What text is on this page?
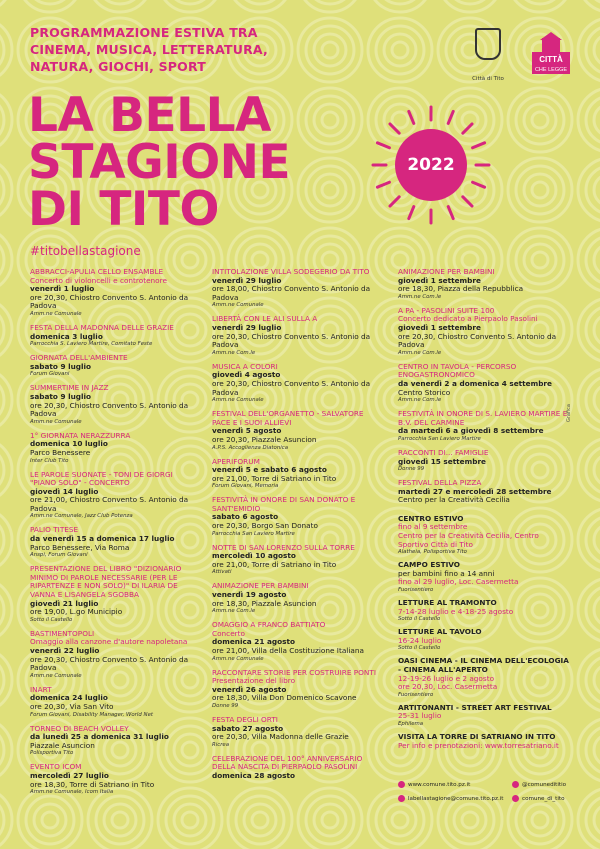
PROGRAMMAZIONE ESTIVA TRA
CINEMA, MUSICA, LETTERATURA,
NATURA, GIOCHI, SPORT
Città di Tito
CITTÀ
CHE LEGGE
LA BELLA
STAGIONE
DI TITO
2022
#titobellastagione
ABBRACCI-APULIA CELLO ENSAMBLE
Concerto di violoncelli e controtenore
venerdì 1 luglio
ore 20,30, Chiostro Convento S. Antonio da Padova
Amm.ne Comunale
FESTA DELLA MADONNA DELLE GRAZIE
domenica 3 luglio
Parrocchia S. Laviero Martire, Comitato Feste
GIORNATA DELL'AMBIENTE
sabato 9 luglio
Forum Giovani
SUMMERTIME IN JAZZ
sabato 9 luglio
ore 20,30, Chiostro Convento S. Antonio da Padova
Amm.ne Comunale
1° GIORNATA NERAZZURRA
domenica 10 luglio
Parco Benessere
Inter Club Tito
LE PAROLE SUONATE - TONI DE GIORGI "PIANO SOLO" - CONCERTO
giovedì 14 luglio
ore 21,00, Chiostro Convento S. Antonio da Padova
Amm.ne Comunale, Jazz Club Potenza
PALIO TITESE
da venerdì 15 a domenica 17 luglio
Parco Benessere, Via Roma
Anspi, Forum Giovani
PRESENTAZIONE DEL LIBRO "DIZIONARIO MINIMO DI PAROLE NECESSARIE (PER LE RIPARTENZE E NON SOLO)" DI ILARIA DE VANNA E LISANGELA SGOBBA
giovedì 21 luglio
ore 19,00, L.go Municipio
Sotto il Castello
BASTIMENTOPOLI
Omaggio alla canzone d'autore napoletana
venerdì 22 luglio
ore 20,30, Chiostro Convento S. Antonio da Padova
Amm.ne Comunale
INART
domenica 24 luglio
ore 20,30, Via San Vito
Forum Giovani, Disability Manager, World Net
TORNEO DI BEACH VOLLEY
da lunedì 25 a domenica 31 luglio
Piazzale Asuncion
Polisportiva Tito
EVENTO ICOM
mercoledì 27 luglio
ore 18,30, Torre di Satriano in Tito
Amm.ne Comunale, Icom Italia
INTITOLAZIONE VILLA SODEGERIO DA TITO
venerdì 29 luglio
ore 18,00, Chiostro Convento S. Antonio da Padova
Amm.ne Comunale
LIBERTÀ CON LE ALI SULLA A
venerdì 29 luglio
ore 20,30, Chiostro Convento S. Antonio da Padova
Amm.ne Com.le
MUSICA A COLORI
giovedì 4 agosto
ore 20,30, Chiostro Convento S. Antonio da Padova
Amm.ne Comunale
FESTIVAL DELL'ORGANETTO - SALVATORE PACE E I SUOI ALLIEVI
venerdì 5 agosto
ore 20,30, Piazzale Asuncion
A.P.S. Accoglienza Diatonica
APERIFORUM
venerdì 5 e sabato 6 agosto
ore 21,00, Torre di Satriano in Tito
Forum Giovani, Memoria
FESTIVITÀ IN ONORE DI SAN DONATO E SANT'EMIDIO
sabato 6 agosto
ore 20,30, Borgo San Donato
Parrocchia San Laviero Martire
NOTTE DI SAN LORENZO SULLA TORRE
mercoledì 10 agosto
ore 21,00, Torre di Satriano in Tito
Attivati
ANIMAZIONE PER BAMBINI
venerdì 19 agosto
ore 18,30, Piazzale Asuncion
Amm.ne Com.le
OMAGGIO A FRANCO BATTIATO
Concerto
domenica 21 agosto
ore 21,00, Villa della Costituzione Italiana
Amm.ne Comunale
RACCONTARE STORIE PER COSTRUIRE PONTI
Presentazione del libro
venerdì 26 agosto
ore 18,30, Villa Don Domenico Scavone
Donne 99
FESTA DEGLI ORTI
sabato 27 agosto
ore 20,30, Villa Madonna delle Grazie
Ricrea
CELEBRAZIONE DEL 100° ANNIVERSARIO DELLA NASCITA DI PIERPAOLO PASOLINI
domenica 28 agosto
ANIMAZIONE PER BAMBINI
giovedì 1 settembre
ore 18,30, Piazza della Repubblica
Amm.ne Com.le
A PA - PASOLINI SUITE 100
Concerto dedicato a Pierpaolo Pasolini
giovedì 1 settembre
ore 20,30, Chiostro Convento S. Antonio da Padova
Amm.ne Com.le
CENTRO IN TAVOLA - PERCORSO ENOGASTRONOMICO
da venerdì 2 a domenica 4 settembre
Centro Storico
Amm.ne Com.le
FESTIVITÀ IN ONORE DI S. LAVIERO MARTIRE E B.V. DEL CARMINE
da martedì 6 a giovedì 8 settembre
Parrocchia San Laviero Martire
RACCONTI DI... FAMIGLIE
giovedì 15 settembre
Donne 99
FESTIVAL DELLA PIZZA
martedì 27 e mercoledì 28 settembre
Centro per la Creatività Cecilia
CENTRO ESTIVO
fino al 9 settembre
Centro per la Creatività Cecilia, Centro Sportivo Città di Tito
Alatheia, Polisportiva Tito
CAMPO ESTIVO
per bambini fino a 14 anni
fino al 29 luglio, Loc. Casermetta
Fuorisentiero
LETTURE AL TRAMONTO
7-14-28 luglio e 4-18-25 agosto
Sotto il Castello
LETTURE AL TAVOLO
16-24 luglio
Sotto il Castello
OASI CINEMA - IL CINEMA DELL'ECOLOGIA - CINEMA ALL'APERTO
12-19-26 luglio e 2 agosto
ore 20,30, Loc. Casermetta
Fuorisentiero
ARTITONANTI - STREET ART FESTIVAL
25-31 luglio
Ephilema
VISITA LA TORRE DI SATRIANO IN TITO
Per info e prenotazioni: www.torresatriano.it
www.comune.tito.pz.it
labellastagione@comune.tito.pz.it
@comunedititio
comune_di_tito
Grafica
